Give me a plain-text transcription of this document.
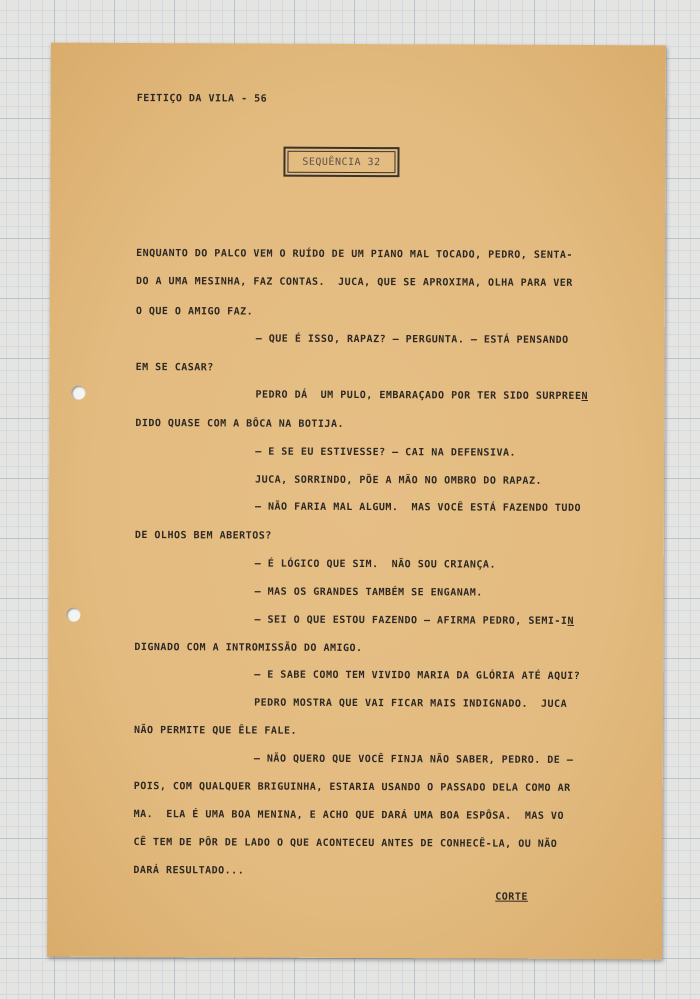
FEITIÇO DA VILA - 56
SEQUÊNCIA 32
ENQUANTO DO PALCO VEM O RUÍDO DE UM PIANO MAL TOCADO, PEDRO, SENTA-
DO A UMA MESINHA, FAZ CONTAS.  JUCA, QUE SE APROXIMA, OLHA PARA VER
O QUE O AMIGO FAZ.
— QUE É ISSO, RAPAZ? — PERGUNTA. — ESTÁ PENSANDO
EM SE CASAR?
PEDRO DÁ  UM PULO, EMBARAÇADO POR TER SIDO SURPREEN
DIDO QUASE COM A BÔCA NA BOTIJA.
— E SE EU ESTIVESSE? — CAI NA DEFENSIVA.
JUCA, SORRINDO, PÕE A MÃO NO OMBRO DO RAPAZ.
— NÃO FARIA MAL ALGUM.  MAS VOCÊ ESTÁ FAZENDO TUDO
DE OLHOS BEM ABERTOS?
— É LÓGICO QUE SIM.  NÃO SOU CRIANÇA.
— MAS OS GRANDES TAMBÉM SE ENGANAM.
— SEI O QUE ESTOU FAZENDO — AFIRMA PEDRO, SEMI-IN
DIGNADO COM A INTROMISSÃO DO AMIGO.
— E SABE COMO TEM VIVIDO MARIA DA GLÓRIA ATÉ AQUI?
PEDRO MOSTRA QUE VAI FICAR MAIS INDIGNADO.  JUCA
NÃO PERMITE QUE ÊLE FALE.
— NÃO QUERO QUE VOCÊ FINJA NÃO SABER, PEDRO. DE —
POIS, COM QUALQUER BRIGUINHA, ESTARIA USANDO O PASSADO DELA COMO AR
MA.  ELA É UMA BOA MENINA, E ACHO QUE DARÁ UMA BOA ESPÔSA.  MAS VO
CÊ TEM DE PÔR DE LADO O QUE ACONTECEU ANTES DE CONHECÊ-LA, OU NÃO
DARÁ RESULTADO...
CORTE
